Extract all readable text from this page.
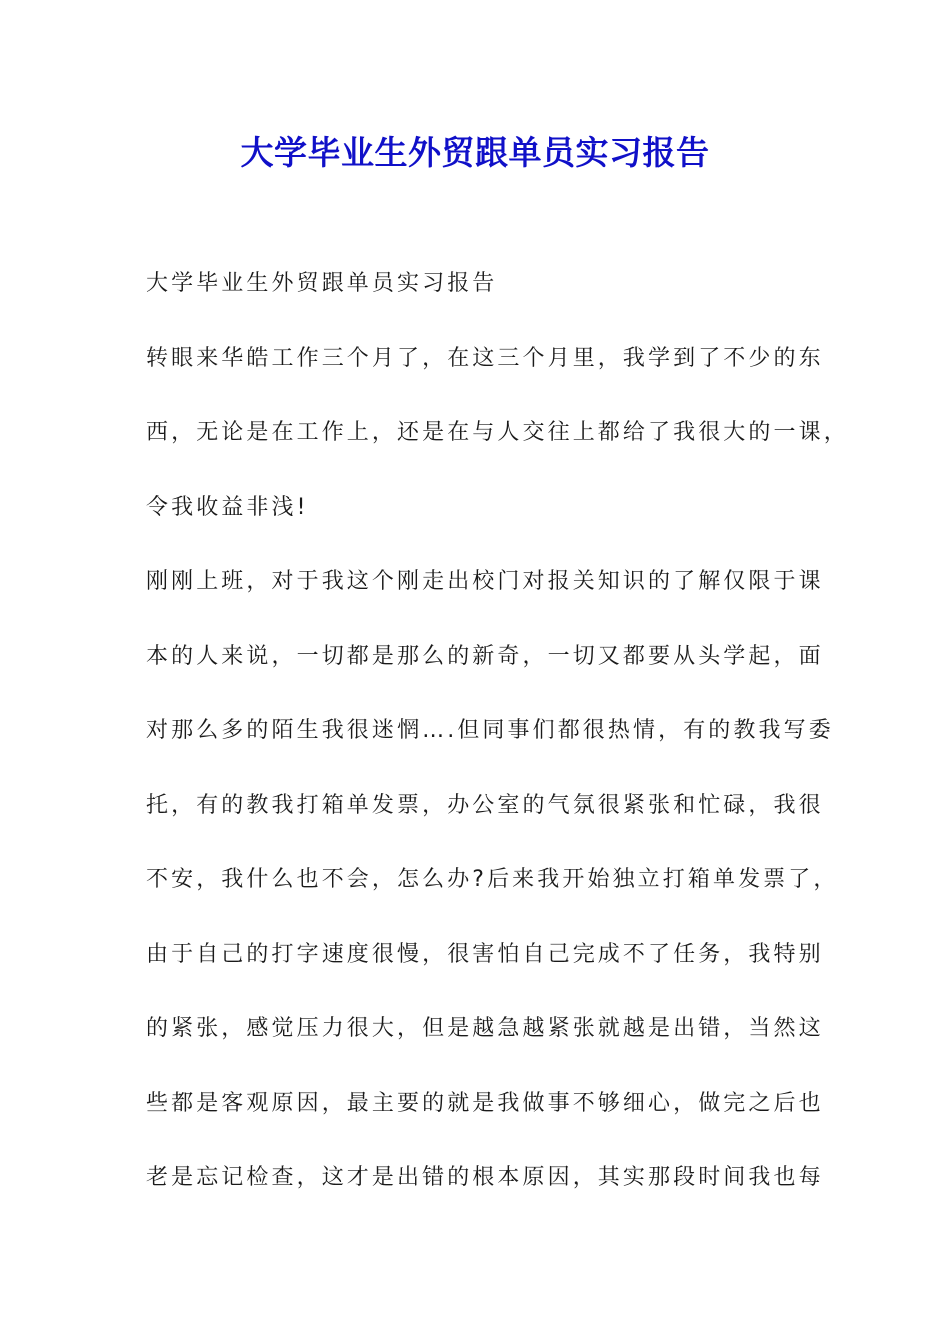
大学毕业生外贸跟单员实习报告
大学毕业生外贸跟单员实习报告
转眼来华皓工作三个月了，在这三个月里，我学到了不少的东
西，无论是在工作上，还是在与人交往上都给了我很大的一课，
令我收益非浅!
刚刚上班，对于我这个刚走出校门对报关知识的了解仅限于课
本的人来说，一切都是那么的新奇，一切又都要从头学起，面
对那么多的陌生我很迷惘….但同事们都很热情，有的教我写委
托，有的教我打箱单发票，办公室的气氛很紧张和忙碌，我很
不安，我什么也不会，怎么办?后来我开始独立打箱单发票了，
由于自己的打字速度很慢，很害怕自己完成不了任务，我特别
的紧张，感觉压力很大，但是越急越紧张就越是出错，当然这
些都是客观原因，最主要的就是我做事不够细心，做完之后也
老是忘记检查，这才是出错的根本原因，其实那段时间我也每
